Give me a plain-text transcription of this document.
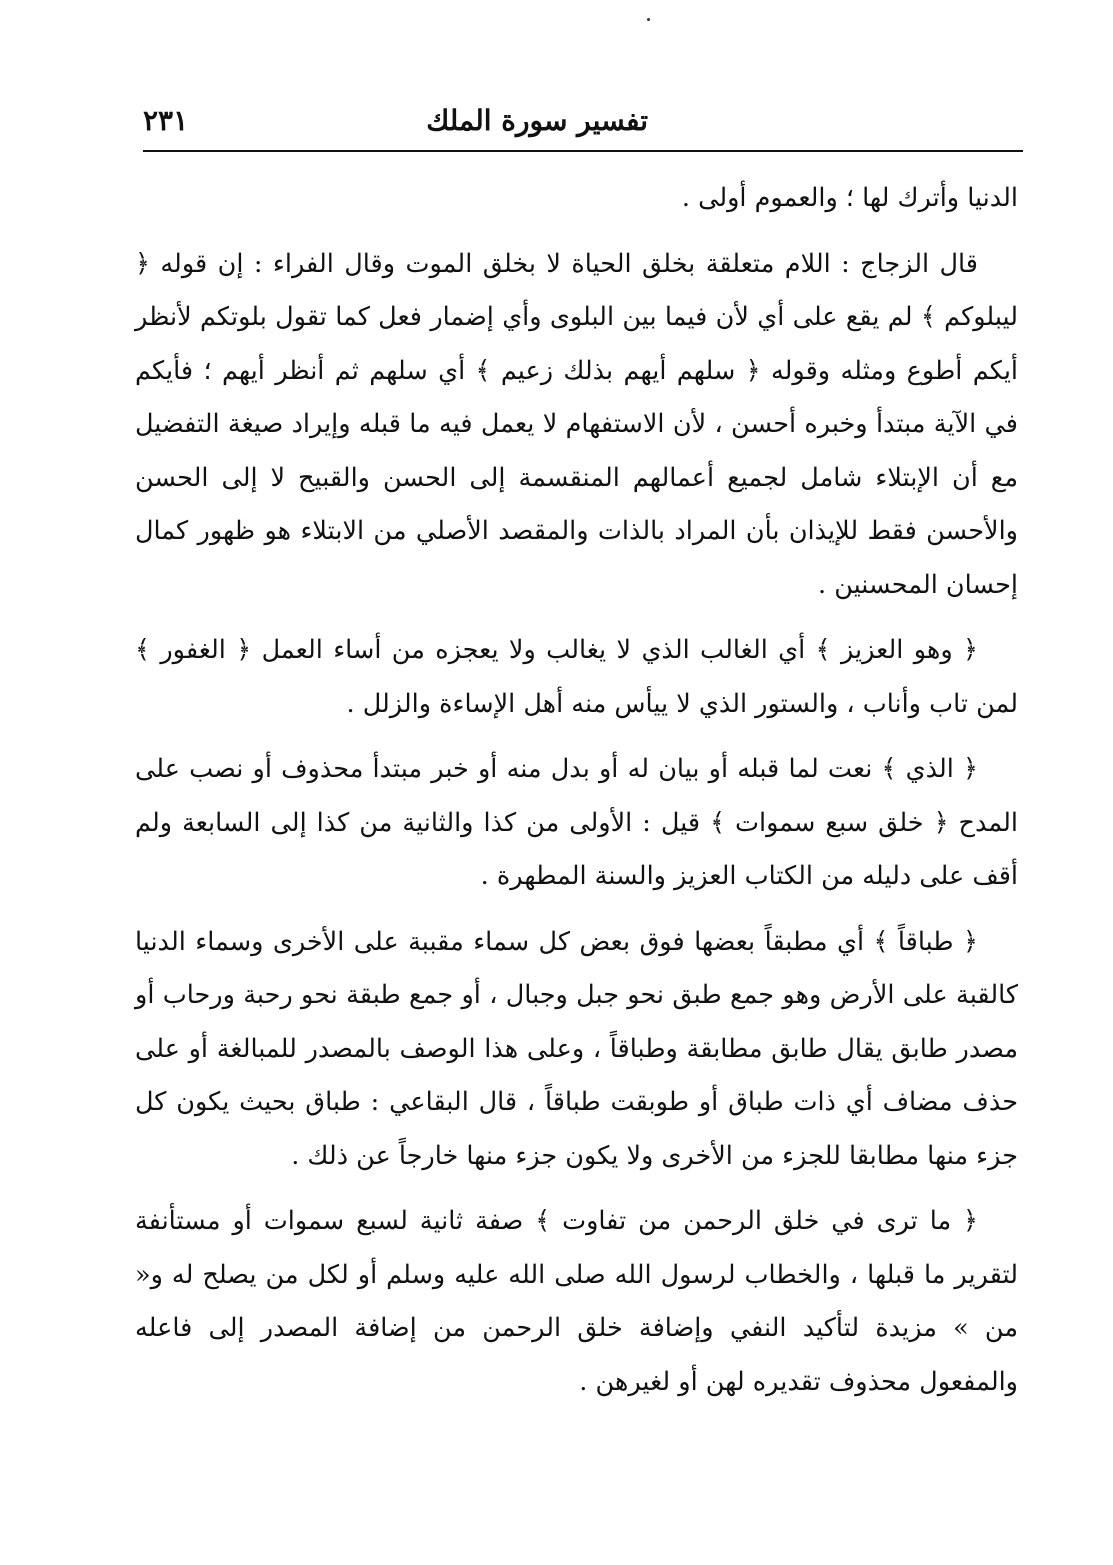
تفسير سورة الملك
٢٣١

الدنيا وأترك لها ؛ والعموم أولى .

قال الزجاج : اللام متعلقة بخلق الحياة لا بخلق الموت وقال الفراء : إن قوله ﴿ ليبلوكم ﴾ لم يقع على أي لأن فيما بين البلوى وأي إضمار فعل كما تقول بلوتكم لأنظر أيكم أطوع ومثله وقوله ﴿ سلهم أيهم بذلك زعيم ﴾ أي سلهم ثم أنظر أيهم ؛ فأيكم في الآية مبتدأ وخبره أحسن ، لأن الاستفهام لا يعمل فيه ما قبله وإيراد صيغة التفضيل مع أن الإبتلاء شامل لجميع أعمالهم المنقسمة إلى الحسن والقبيح لا إلى الحسن والأحسن فقط للإيذان بأن المراد بالذات والمقصد الأصلي من الابتلاء هو ظهور كمال إحسان المحسنين .

﴿ وهو العزيز ﴾ أي الغالب الذي لا يغالب ولا يعجزه من أساء العمل ﴿ الغفور ﴾ لمن تاب وأناب ، والستور الذي لا ييأس منه أهل الإساءة والزلل .

﴿ الذي ﴾ نعت لما قبله أو بيان له أو بدل منه أو خبر مبتدأ محذوف أو نصب على المدح ﴿ خلق سبع سموات ﴾ قيل : الأولى من كذا والثانية من كذا إلى السابعة ولم أقف على دليله من الكتاب العزيز والسنة المطهرة .

﴿ طباقاً ﴾ أي مطبقاً بعضها فوق بعض كل سماء مقببة على الأخرى وسماء الدنيا كالقبة على الأرض وهو جمع طبق نحو جبل وجبال ، أو جمع طبقة نحو رحبة ورحاب أو مصدر طابق يقال طابق مطابقة وطباقاً ، وعلى هذا الوصف بالمصدر للمبالغة أو على حذف مضاف أي ذات طباق أو طوبقت طباقاً ، قال البقاعي : طباق بحيث يكون كل جزء منها مطابقا للجزء من الأخرى ولا يكون جزء منها خارجاً عن ذلك .

﴿ ما ترى في خلق الرحمن من تفاوت ﴾ صفة ثانية لسبع سموات أو مستأنفة لتقرير ما قبلها ، والخطاب لرسول الله صلى الله عليه وسلم أو لكل من يصلح له و« من » مزيدة لتأكيد النفي وإضافة خلق الرحمن من إضافة المصدر إلى فاعله والمفعول محذوف تقديره لهن أو لغيرهن .
